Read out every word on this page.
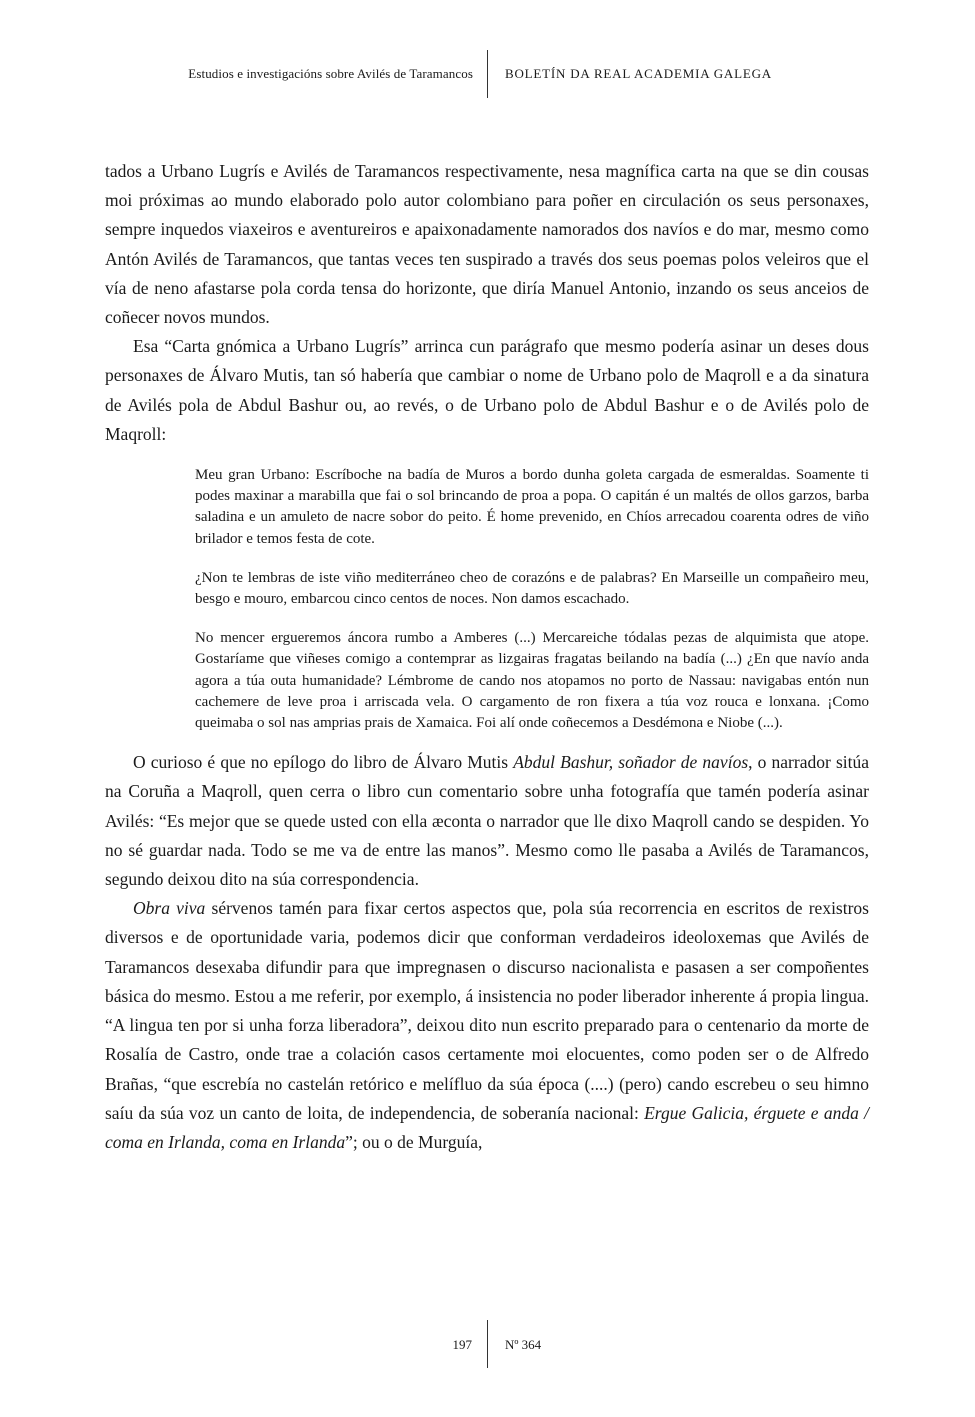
Estudios e investigacións sobre Avilés de Taramancos BOLETÍN DA REAL ACADEMIA GALEGA

tados a Urbano Lugrís e Avilés de Taramancos respectivamente, nesa magnífica carta na que se din cousas moi próximas ao mundo elaborado polo autor colombiano para poñer en circulación os seus personaxes, sempre inquedos viaxeiros e aventureiros e apaixonadamente namorados dos navíos e do mar, mesmo como Antón Avilés de Taramancos, que tantas veces ten suspirado a través dos seus poemas polos veleiros que el vía de neno afastarse pola corda tensa do horizonte, que diría Manuel Antonio, inzando os seus anceios de coñecer novos mundos.

Esa “Carta gnómica a Urbano Lugrís” arrinca cun parágrafo que mesmo podería asinar un deses dous personaxes de Álvaro Mutis, tan só habería que cambiar o nome de Urbano polo de Maqroll e a da sinatura de Avilés pola de Abdul Bashur ou, ao revés, o de Urbano polo de Abdul Bashur e o de Avilés polo de Maqroll:

Meu gran Urbano: Escríboche na badía de Muros a bordo dunha goleta cargada de esmeraldas. Soamente ti podes maxinar a marabilla que fai o sol brincando de proa a popa. O capitán é un maltés de ollos garzos, barba saladina e un amuleto de nacre sobor do peito. É home prevenido, en Chíos arrecadou coarenta odres de viño brilador e temos festa de cote.

¿Non te lembras de iste viño mediterráneo cheo de corazóns e de palabras? En Marseille un compañeiro meu, besgo e mouro, embarcou cinco centos de noces. Non damos escachado.

No mencer ergueremos áncora rumbo a Amberes (...) Mercareiche tódalas pezas de alquimista que atope. Gostaríame que viñeses comigo a contemprar as lizgairas fragatas beilando na badía (...) ¿En que navío anda agora a túa outa humanidade? Lémbrome de cando nos atopamos no porto de Nassau: navigabas entón nun cachemere de leve proa i arriscada vela. O cargamento de ron fixera a túa voz rouca e lonxana. ¡Como queimaba o sol nas amprias prais de Xamaica. Foi alí onde coñecemos a Desdémona e Niobe (...).

O curioso é que no epílogo do libro de Álvaro Mutis Abdul Bashur, soñador de navíos, o narrador sitúa na Coruña a Maqroll, quen cerra o libro cun comentario sobre unha fotografía que tamén podería asinar Avilés: “Es mejor que se quede usted con ella æconta o narrador que lle dixo Maqroll cando se despiden. Yo no sé guardar nada. Todo se me va de entre las manos”. Mesmo como lle pasaba a Avilés de Taramancos, segundo deixou dito na súa correspondencia.

Obra viva sérvenos tamén para fixar certos aspectos que, pola súa recorrencia en escritos de rexistros diversos e de oportunidade varia, podemos dicir que conforman verdadeiros ideoloxemas que Avilés de Taramancos desexaba difundir para que impregnasen o discurso nacionalista e pasasen a ser compoñentes básica do mesmo. Estou a me referir, por exemplo, á insistencia no poder liberador inherente á propia lingua. “A lingua ten por si unha forza liberadora”, deixou dito nun escrito preparado para o centenario da morte de Rosalía de Castro, onde trae a colación casos certamente moi elocuentes, como poden ser o de Alfredo Brañas, “que escrebía no castelán retórico e melífluo da súa época (....) (pero) cando escrebeu o seu himno saíu da súa voz un canto de loita, de independencia, de soberanía nacional: Ergue Galicia, érguete e anda / coma en Irlanda, coma en Irlanda”; ou o de Murguía,

197	Nº 364
